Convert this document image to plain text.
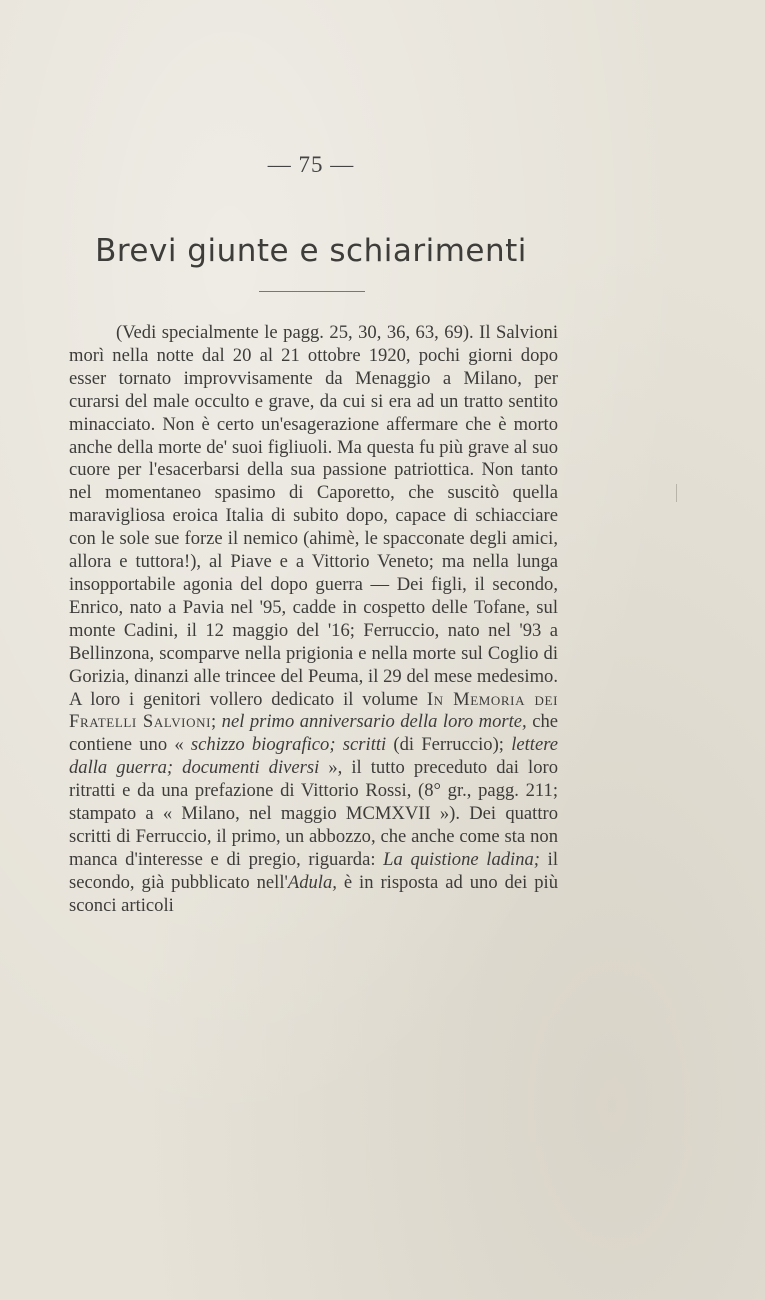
— 75 —
Brevi giunte e schiarimenti

(Vedi specialmente le pagg. 25, 30, 36, 63, 69). Il Salvioni morì nella notte dal 20 al 21 ottobre 1920, pochi giorni dopo esser tornato improvvisamente da Menaggio a Milano, per curarsi del male occulto e grave, da cui si era ad un tratto sentito minacciato. Non è certo un'esagerazione affermare che è morto anche della morte de' suoi figliuoli. Ma questa fu più grave al suo cuore per l'esacerbarsi della sua passione patriottica. Non tanto nel momentaneo spasimo di Caporetto, che suscitò quella maravigliosa eroica Italia di subito dopo, capace di schiacciare con le sole sue forze il nemico (ahimè, le spacconate degli amici, allora e tuttora!), al Piave e a Vittorio Veneto; ma nella lunga insopportabile agonia del dopo guerra — Dei figli, il secondo, Enrico, nato a Pavia nel '95, cadde in cospetto delle Tofane, sul monte Cadini, il 12 maggio del '16; Ferruccio, nato nel '93 a Bellinzona, scomparve nella prigionia e nella morte sul Coglio di Gorizia, dinanzi alle trincee del Peuma, il 29 del mese medesimo. A loro i genitori vollero dedicato il volume In Memoria dei Fratelli Salvioni; nel primo anniversario della loro morte, che contiene uno « schizzo biografico; scritti (di Ferruccio); lettere dalla guerra; documenti diversi », il tutto preceduto dai loro ritratti e da una prefazione di Vittorio Rossi, (8° gr., pagg. 211; stampato a « Milano, nel maggio MCMXVII »). Dei quattro scritti di Ferruccio, il primo, un abbozzo, che anche come sta non manca d'interesse e di pregio, riguarda: La quistione ladina; il secondo, già pubblicato nell'Adula, è in risposta ad uno dei più sconci articoli
